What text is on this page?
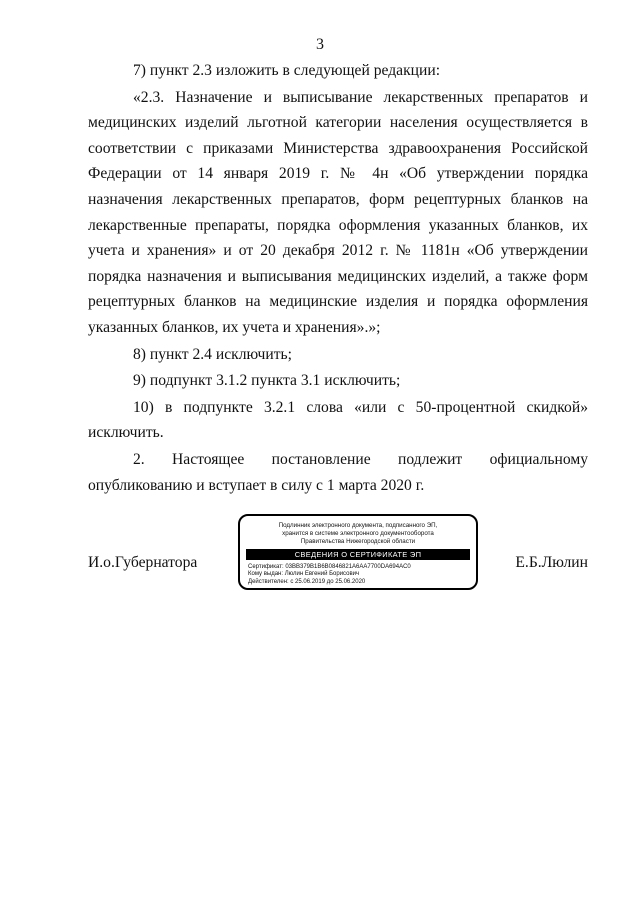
3

7) пункт 2.3 изложить в следующей редакции:

«2.3. Назначение и выписывание лекарственных препаратов и медицинских изделий льготной категории населения осуществляется в соответствии с приказами Министерства здравоохранения Российской Федерации от 14 января 2019 г. № 4н «Об утверждении порядка назначения лекарственных препаратов, форм рецептурных бланков на лекарственные препараты, порядка оформления указанных бланков, их учета и хранения» и от 20 декабря 2012 г. № 1181н «Об утверждении порядка назначения и выписывания медицинских изделий, а также форм рецептурных бланков на медицинские изделия и порядка оформления указанных бланков, их учета и хранения».»;

8) пункт 2.4 исключить;

9) подпункт 3.1.2 пункта 3.1 исключить;

10) в подпункте 3.2.1 слова «или с 50-процентной скидкой» исключить.

2. Настоящее постановление подлежит официальному опубликованию и вступает в силу с 1 марта 2020 г.

И.о.Губернатора
Подлинник электронного документа, подписанного ЭП,
хранится в системе электронного документооборота
Правительства Нижегородской области
СВЕДЕНИЯ О СЕРТИФИКАТЕ ЭП
Сертификат: 03BB379B1B6B0846821A6AA7700DA694AC0
Кому выдан: Люлин Евгений Борисович
Действителен: с 25.06.2019 до 25.06.2020
Е.Б.Люлин
